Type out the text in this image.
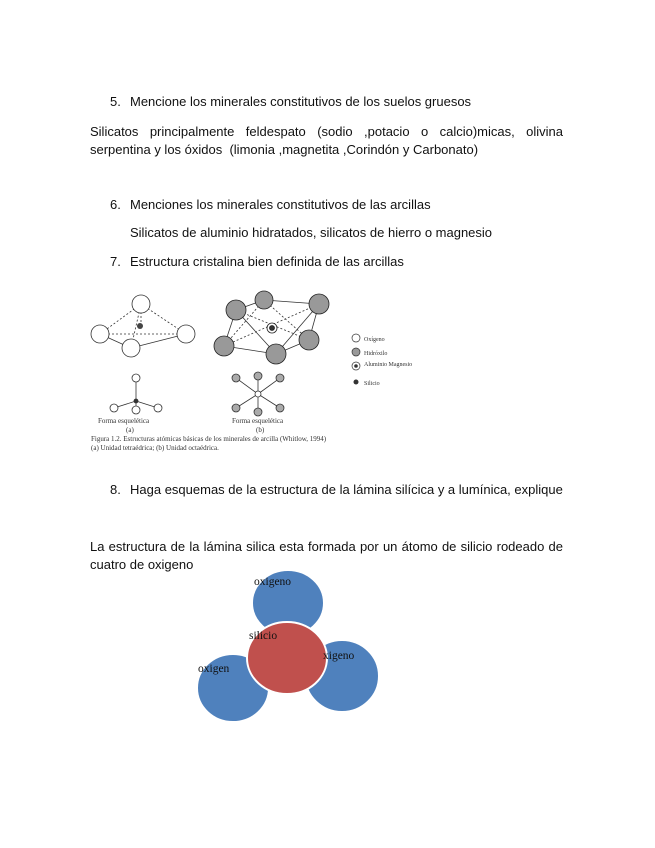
5. Mencione los minerales constitutivos de los suelos gruesos
Silicatos principalmente feldespato (sodio ,potacio o calcio)micas, olivina
serpentina y los óxidos  (limonia ,magnetita ,Corindón y Carbonato)
6. Menciones los minerales constitutivos de las arcillas
Silicatos de aluminio hidratados, silicatos de hierro o magnesio
7. Estructura cristalina bien definida de las arcillas
Forma esquelética
(a)
Forma esquelética
(b)
Oxígeno
Hidróxilo
Aluminio Magnesio
Silicio
Figura 1.2. Estructuras atómicas básicas de los minerales de arcilla (Whitlow, 1994)
(a) Unidad tetraédrica; (b) Unidad octaédrica.
8. Haga esquemas de la estructura de la lámina silícica y a lumínica, explique
La estructura de la lámina silica esta formada por un átomo de silicio rodeado de
cuatro de oxigeno
oxigeno
silicio
xigeno
oxigen
